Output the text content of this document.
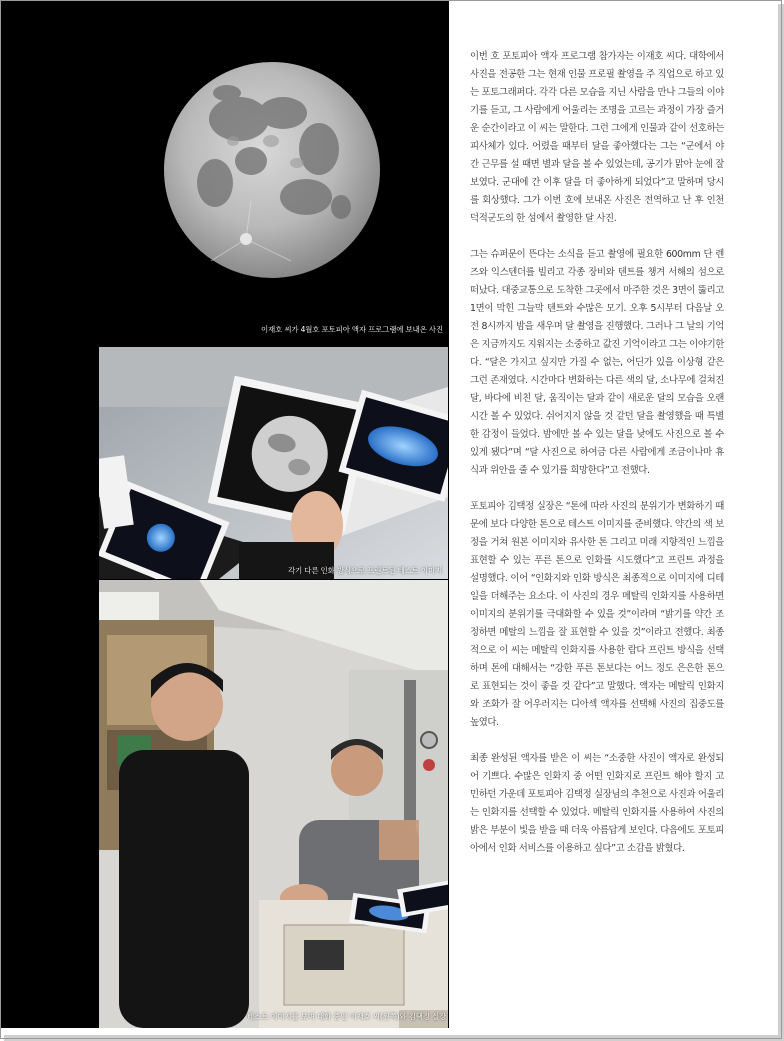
이재호 씨가 4월호 포토피아 액자 프로그램에 보내온 사진
각기 다른 인화 방식으로 프린트된 테스트 이미지
테스트 이미지를 보며 대화 중인 이재호 씨(왼쪽)와 김택정 실장

이번 호 포토피아 액자 프로그램 참가자는 이재호 씨다. 대학에서 사진을 전공한 그는 현재 인물 프로필 촬영을 주 직업으로 하고 있는 포토그래퍼다. 각각 다른 모습을 지닌 사람을 만나 그들의 이야기를 듣고, 그 사람에게 어울리는 조명을 고르는 과정이 가장 즐거운 순간이라고 이 씨는 말한다. 그런 그에게 인물과 같이 선호하는 피사체가 있다. 어렸을 때부터 달을 좋아했다는 그는 “군에서 야간 근무를 설 때면 별과 달을 볼 수 있었는데, 공기가 맑아 눈에 잘 보였다. 군대에 간 이후 달을 더 좋아하게 되었다”고 말하며 당시를 회상했다. 그가 이번 호에 보내온 사진은 전역하고 난 후 인천 덕적군도의 한 섬에서 촬영한 달 사진.

그는 슈퍼문이 뜬다는 소식을 듣고 촬영에 필요한 600mm 단 렌즈와 익스텐더를 빌리고 각종 장비와 텐트를 챙겨 서해의 섬으로 떠났다. 대중교통으로 도착한 그곳에서 마주한 것은 3면이 뚫리고 1면이 막힌 그늘막 텐트와 수많은 모기. 오후 5시부터 다음날 오전 8시까지 밤을 새우며 달 촬영을 진행했다. 그러나 그 날의 기억은 지금까지도 지워지는 소중하고 값진 기억이라고 그는 이야기한다. “달은 가지고 싶지만 가질 수 없는, 어딘가 있을 이상형 같은 그런 존재였다. 시간마다 변화하는 다른 색의 달, 소나무에 걸쳐진 달, 바다에 비친 달, 움직이는 달과 같이 새로운 달의 모습을 오랜 시간 볼 수 있었다. 쉬어지지 않을 것 같던 달을 촬영했을 때 특별한 감정이 들었다. 밤에만 볼 수 있는 달을 낮에도 사진으로 볼 수 있게 됐다”며 “달 사진으로 하여금 다른 사람에게 조금이나마 휴식과 위안을 줄 수 있기를 희망한다”고 전했다.

포토피아 김택정 실장은 “톤에 따라 사진의 분위기가 변화하기 때문에 보다 다양한 톤으로 테스트 이미지를 준비했다. 약간의 색 보정을 거쳐 원본 이미지와 유사한 톤 그리고 미래 지향적인 느낌을 표현할 수 있는 푸른 톤으로 인화를 시도했다”고 프린트 과정을 설명했다. 이어 “인화지와 인화 방식은 최종적으로 이미지에 디테일을 더해주는 요소다. 이 사진의 경우 메탈릭 인화지를 사용하면 이미지의 분위기를 극대화할 수 있을 것”이라며 “밝기를 약간 조정하면 메탈의 느낌을 잘 표현할 수 있을 것”이라고 전했다. 최종적으로 이 씨는 메탈릭 인화지를 사용한 람다 프린트 방식을 선택하며 톤에 대해서는 “강한 푸른 톤보다는 어느 정도 은은한 톤으로 표현되는 것이 좋을 것 같다”고 말했다. 액자는 메탈릭 인화지와 조화가 잘 어우러지는 디아섹 액자를 선택해 사진의 집중도를 높였다.

최종 완성된 액자를 받은 이 씨는 “소중한 사진이 액자로 완성되어 기쁘다. 수많은 인화지 중 어떤 인화지로 프린트 해야 할지 고민하던 가운데 포토피아 김택정 실장님의 추천으로 사진과 어울리는 인화지를 선택할 수 있었다. 메탈릭 인화지를 사용하여 사진의 밝은 부분이 빛을 받을 때 더욱 아름답게 보인다. 다음에도 포토피아에서 인화 서비스를 이용하고 싶다”고 소감을 밝혔다.
